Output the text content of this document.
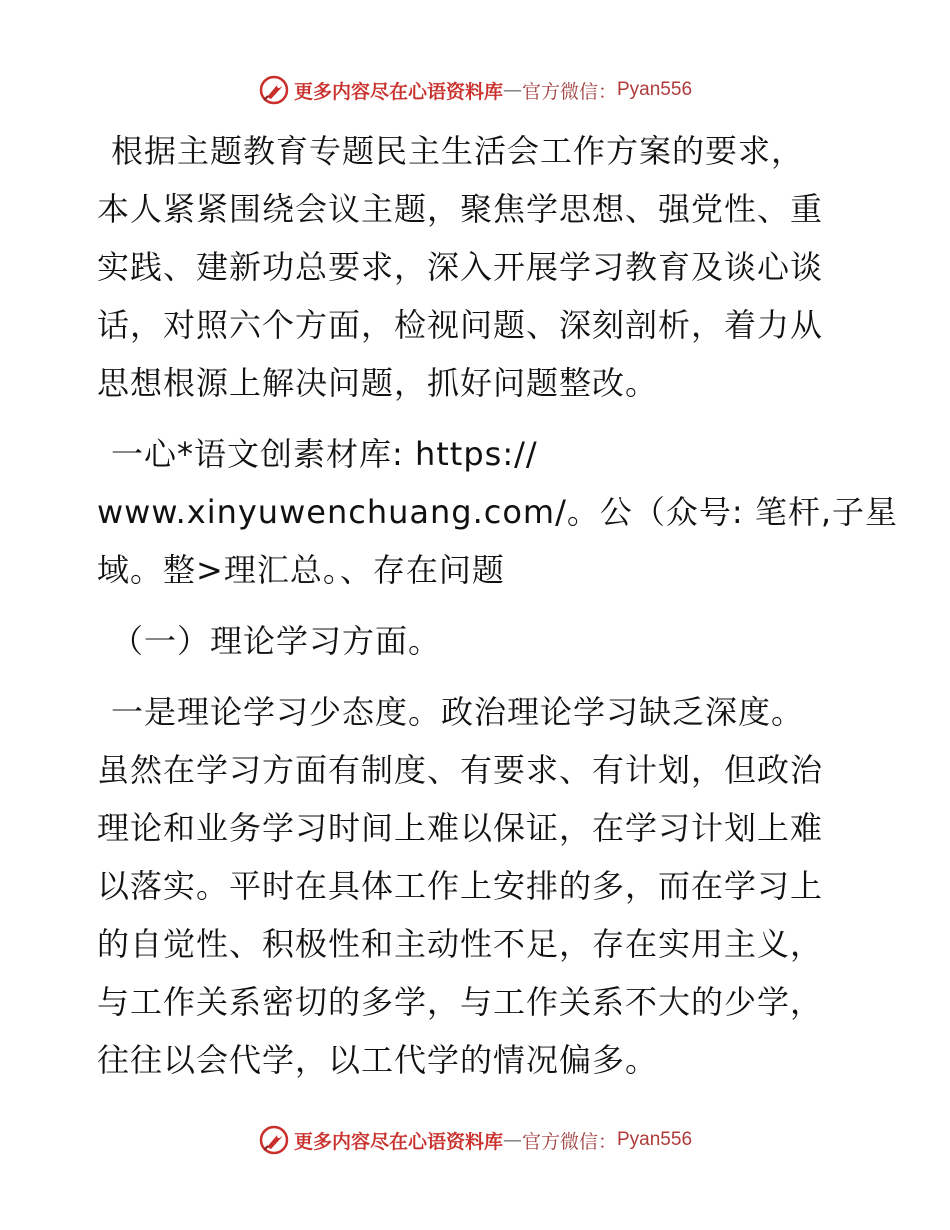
更多内容尽在心语资料库 — 官方微信： Pyan556
根据主题教育专题民主生活会工作方案的要求，
本人紧紧围绕会议主题，聚焦学思想、强党性、重
实践、建新功总要求，深入开展学习教育及谈心谈
话，对照六个方面，检视问题、深刻剖析，着力从
思想根源上解决问题，抓好问题整改。
一心*语文创素材库: https://
www.xinyuwenchuang.com/。公（众号: 笔杆,子星
域。整>理汇总。、存在问题
（一）理论学习方面。
一是理论学习少态度。政治理论学习缺乏深度。
虽然在学习方面有制度、有要求、有计划，但政治
理论和业务学习时间上难以保证，在学习计划上难
以落实。平时在具体工作上安排的多，而在学习上
的自觉性、积极性和主动性不足，存在实用主义，
与工作关系密切的多学，与工作关系不大的少学，
往往以会代学，以工代学的情况偏多。
更多内容尽在心语资料库 — 官方微信： Pyan556
